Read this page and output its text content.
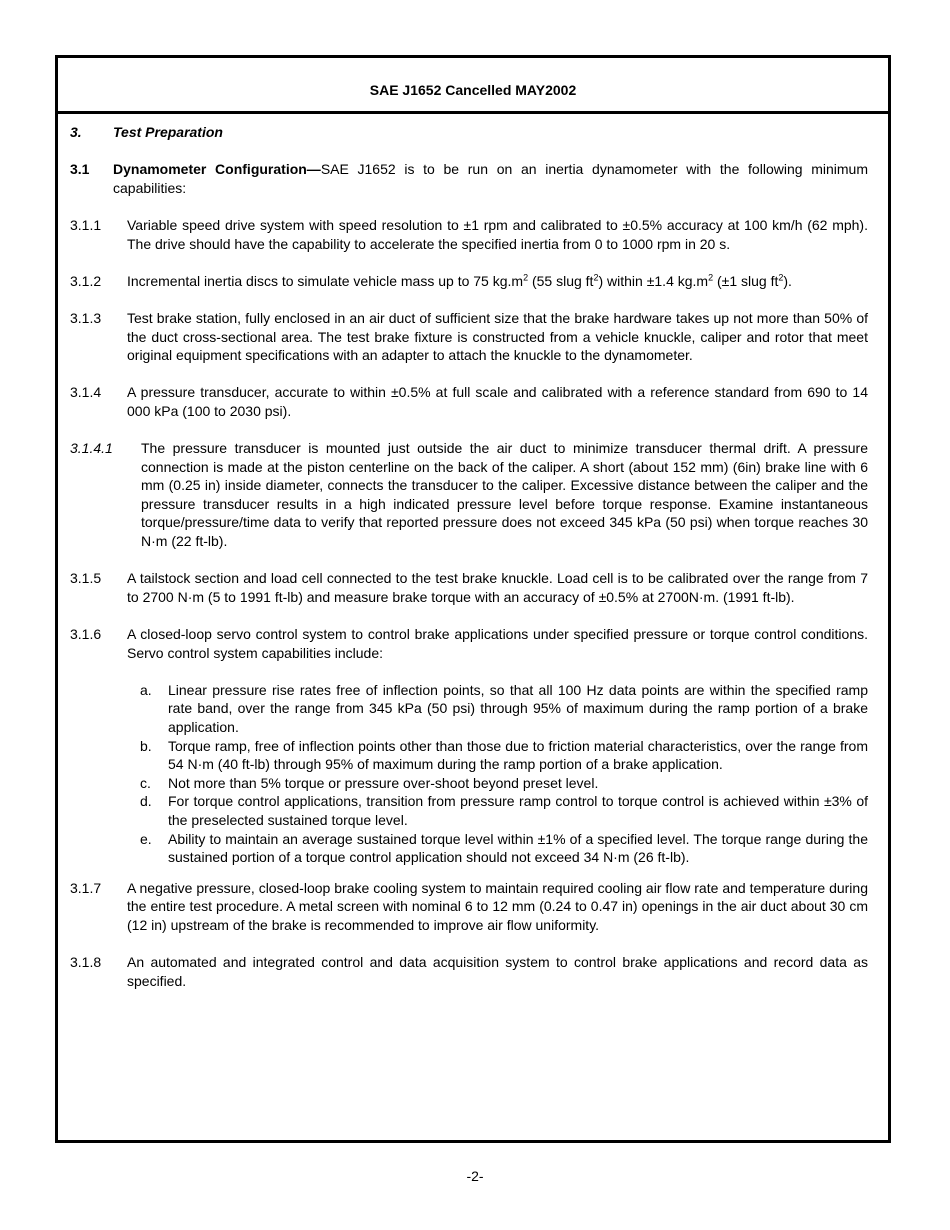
SAE J1652 Cancelled MAY2002
3. Test Preparation
3.1 Dynamometer Configuration—SAE J1652 is to be run on an inertia dynamometer with the following minimum capabilities:
3.1.1 Variable speed drive system with speed resolution to ±1 rpm and calibrated to ±0.5% accuracy at 100 km/h (62 mph). The drive should have the capability to accelerate the specified inertia from 0 to 1000 rpm in 20 s.
3.1.2 Incremental inertia discs to simulate vehicle mass up to 75 $kg.m^2$ (55 slug $ft^2$) within ±1.4 $kg.m^2$ (±1 slug $ft^2$).
3.1.3 Test brake station, fully enclosed in an air duct of sufficient size that the brake hardware takes up not more than 50% of the duct cross-sectional area. The test brake fixture is constructed from a vehicle knuckle, caliper and rotor that meet original equipment specifications with an adapter to attach the knuckle to the dynamometer.
3.1.4 A pressure transducer, accurate to within ±0.5% at full scale and calibrated with a reference standard from 690 to 14 000 kPa (100 to 2030 psi).
3.1.4.1 The pressure transducer is mounted just outside the air duct to minimize transducer thermal drift. A pressure connection is made at the piston centerline on the back of the caliper. A short (about 152 mm) (6in) brake line with 6 mm (0.25 in) inside diameter, connects the transducer to the caliper. Excessive distance between the caliper and the pressure transducer results in a high indicated pressure level before torque response. Examine instantaneous torque/pressure/time data to verify that reported pressure does not exceed 345 kPa (50 psi) when torque reaches 30 N·m (22 ft-lb).
3.1.5 A tailstock section and load cell connected to the test brake knuckle. Load cell is to be calibrated over the range from 7 to 2700 N·m (5 to 1991 ft-lb) and measure brake torque with an accuracy of ±0.5% at 2700N·m. (1991 ft-lb).
3.1.6 A closed-loop servo control system to control brake applications under specified pressure or torque control conditions. Servo control system capabilities include:
a. Linear pressure rise rates free of inflection points, so that all 100 Hz data points are within the specified ramp rate band, over the range from 345 kPa (50 psi) through 95% of maximum during the ramp portion of a brake application.
b. Torque ramp, free of inflection points other than those due to friction material characteristics, over the range from 54 N·m (40 ft-lb) through 95% of maximum during the ramp portion of a brake application.
c. Not more than 5% torque or pressure over-shoot beyond preset level.
d. For torque control applications, transition from pressure ramp control to torque control is achieved within ±3% of the preselected sustained torque level.
e. Ability to maintain an average sustained torque level within ±1% of a specified level. The torque range during the sustained portion of a torque control application should not exceed 34 N·m (26 ft-lb).
3.1.7 A negative pressure, closed-loop brake cooling system to maintain required cooling air flow rate and temperature during the entire test procedure. A metal screen with nominal 6 to 12 mm (0.24 to 0.47 in) openings in the air duct about 30 cm (12 in) upstream of the brake is recommended to improve air flow uniformity.
3.1.8 An automated and integrated control and data acquisition system to control brake applications and record data as specified.
-2-
